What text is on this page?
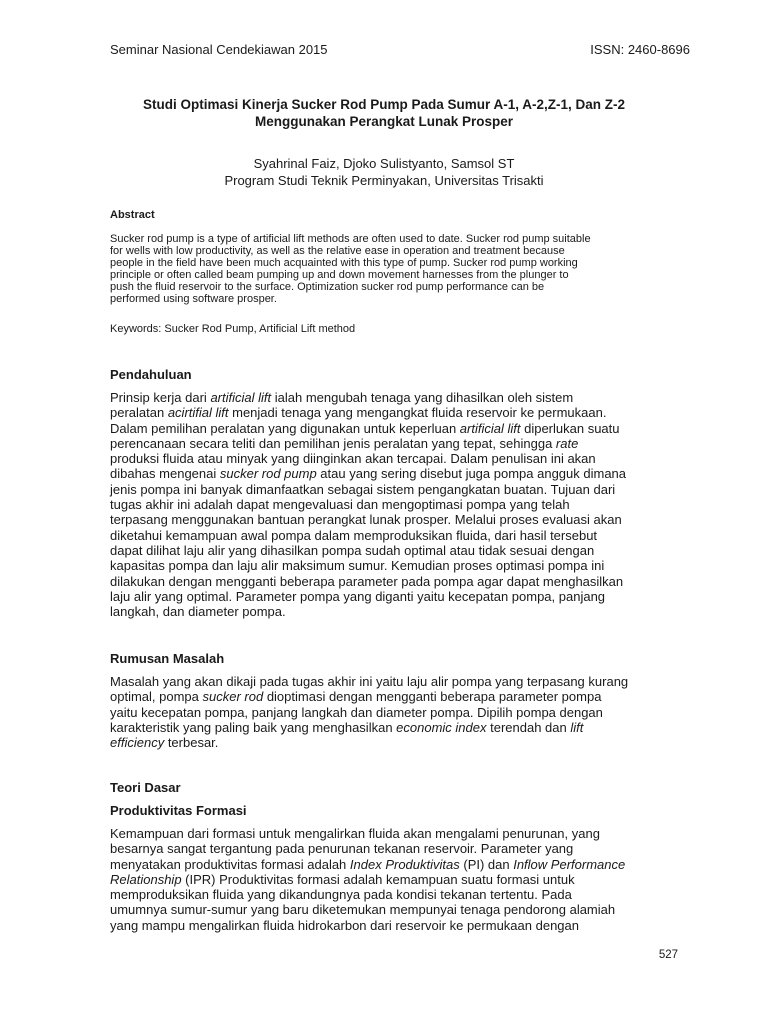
Seminar Nasional Cendekiawan 2015	ISSN: 2460-8696
Studi Optimasi Kinerja Sucker Rod Pump Pada Sumur A-1, A-2,Z-1, Dan Z-2
Menggunakan Perangkat Lunak Prosper
Syahrinal Faiz, Djoko Sulistyanto, Samsol ST
Program Studi Teknik Perminyakan, Universitas Trisakti
Abstract
Sucker rod pump is a type of artificial lift methods are often used to date. Sucker rod pump suitable
for wells with low productivity, as well as the relative ease in operation and treatment because
people in the field have been much acquainted with this type of pump. Sucker rod pump working
principle or often called beam pumping up and down movement harnesses from the plunger to
push the fluid reservoir to the surface. Optimization sucker rod pump performance can be
performed using software prosper.
Keywords: Sucker Rod Pump, Artificial Lift method
Pendahuluan
Prinsip kerja dari artificial lift ialah mengubah tenaga yang dihasilkan oleh sistem
peralatan acirtifial lift menjadi tenaga yang mengangkat fluida reservoir ke permukaan.
Dalam pemilihan peralatan yang digunakan untuk keperluan artificial lift diperlukan suatu
perencanaan secara teliti dan pemilihan jenis peralatan yang tepat, sehingga rate
produksi fluida atau minyak yang diinginkan akan tercapai. Dalam penulisan ini akan
dibahas mengenai sucker rod pump atau yang sering disebut juga pompa angguk dimana
jenis pompa ini banyak dimanfaatkan sebagai sistem pengangkatan buatan. Tujuan dari
tugas akhir ini adalah dapat mengevaluasi dan mengoptimasi pompa yang telah
terpasang menggunakan bantuan perangkat lunak prosper. Melalui proses evaluasi akan
diketahui kemampuan awal pompa dalam memproduksikan fluida, dari hasil tersebut
dapat dilihat laju alir yang dihasilkan pompa sudah optimal atau tidak sesuai dengan
kapasitas pompa dan laju alir maksimum sumur. Kemudian proses optimasi pompa ini
dilakukan dengan mengganti beberapa parameter pada pompa agar dapat menghasilkan
laju alir yang optimal. Parameter pompa yang diganti yaitu kecepatan pompa, panjang
langkah, dan diameter pompa.
Rumusan Masalah
Masalah yang akan dikaji pada tugas akhir ini yaitu laju alir pompa yang terpasang kurang
optimal, pompa sucker rod dioptimasi dengan mengganti beberapa parameter pompa
yaitu kecepatan pompa, panjang langkah dan diameter pompa. Dipilih pompa dengan
karakteristik yang paling baik yang menghasilkan economic index terendah dan lift
efficiency terbesar.
Teori Dasar
Produktivitas Formasi
Kemampuan dari formasi untuk mengalirkan fluida akan mengalami penurunan, yang
besarnya sangat tergantung pada penurunan tekanan reservoir. Parameter yang
menyatakan produktivitas formasi adalah Index Produktivitas (PI) dan Inflow Performance
Relationship (IPR) Produktivitas formasi adalah kemampuan suatu formasi untuk
memproduksikan fluida yang dikandungnya pada kondisi tekanan tertentu. Pada
umumnya sumur-sumur yang baru diketemukan mempunyai tenaga pendorong alamiah
yang mampu mengalirkan fluida hidrokarbon dari reservoir ke permukaan dengan
527
